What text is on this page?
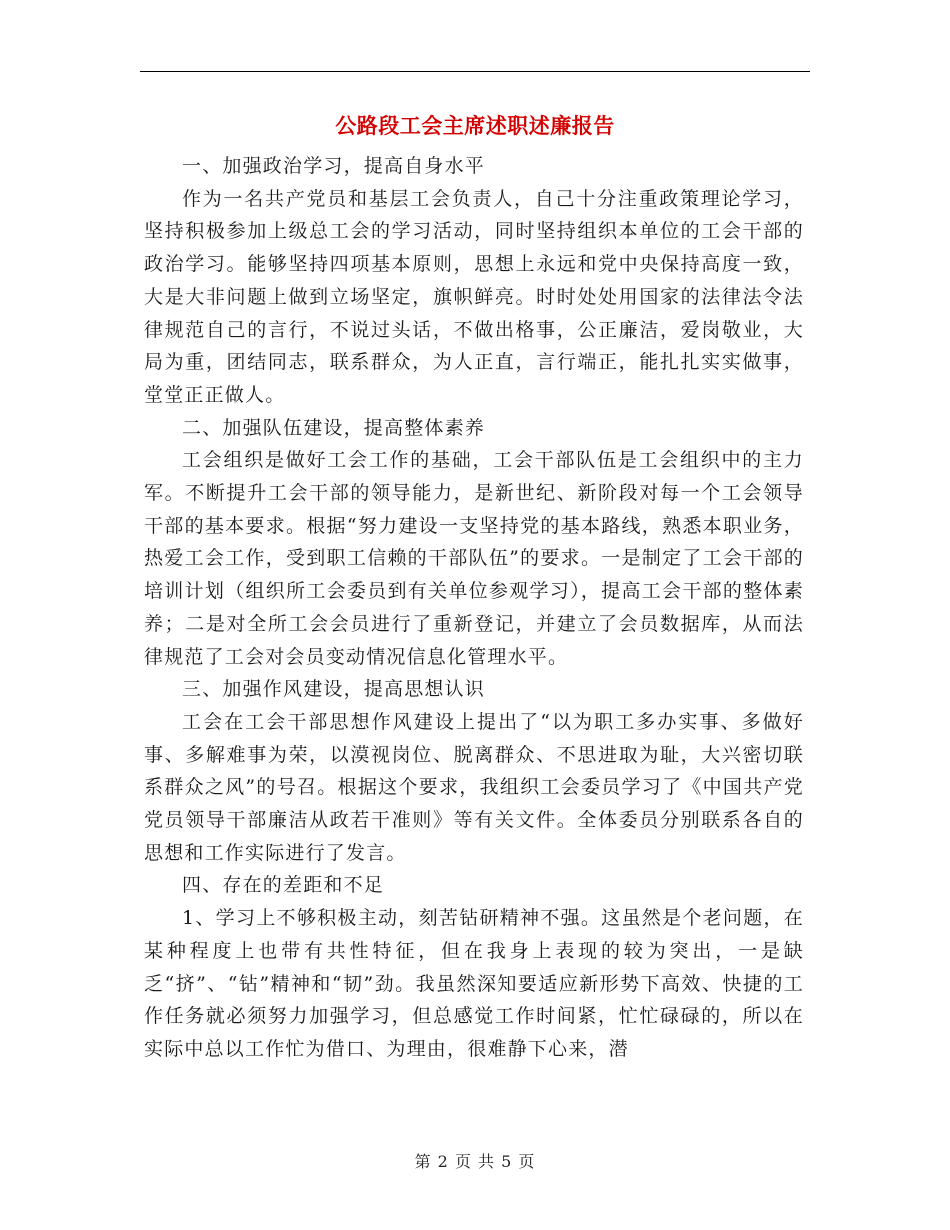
公路段工会主席述职述廉报告

一、加强政治学习，提高自身水平

作为一名共产党员和基层工会负责人，自己十分注重政策理论学习，坚持积极参加上级总工会的学习活动，同时坚持组织本单位的工会干部的政治学习。能够坚持四项基本原则，思想上永远和党中央保持高度一致，大是大非问题上做到立场坚定，旗帜鲜亮。时时处处用国家的法律法令法律规范自己的言行，不说过头话，不做出格事，公正廉洁，爱岗敬业，大局为重，团结同志，联系群众，为人正直，言行端正，能扎扎实实做事，堂堂正正做人。

二、加强队伍建设，提高整体素养

工会组织是做好工会工作的基础，工会干部队伍是工会组织中的主力军。不断提升工会干部的领导能力，是新世纪、新阶段对每一个工会领导干部的基本要求。根据“努力建设一支坚持党的基本路线，熟悉本职业务，热爱工会工作，受到职工信赖的干部队伍”的要求。一是制定了工会干部的培训计划（组织所工会委员到有关单位参观学习），提高工会干部的整体素养；二是对全所工会会员进行了重新登记，并建立了会员数据库，从而法律规范了工会对会员变动情况信息化管理水平。

三、加强作风建设，提高思想认识

工会在工会干部思想作风建设上提出了“以为职工多办实事、多做好事、多解难事为荣，以漠视岗位、脱离群众、不思进取为耻，大兴密切联系群众之风”的号召。根据这个要求，我组织工会委员学习了《中国共产党党员领导干部廉洁从政若干准则》等有关文件。全体委员分别联系各自的思想和工作实际进行了发言。

四、存在的差距和不足

1、学习上不够积极主动，刻苦钻研精神不强。这虽然是个老问题，在某种程度上也带有共性特征，但在我身上表现的较为突出，一是缺乏“挤”、“钻”精神和“韧”劲。我虽然深知要适应新形势下高效、快捷的工作任务就必须努力加强学习，但总感觉工作时间紧，忙忙碌碌的，所以在实际中总以工作忙为借口、为理由，很难静下心来，潜

第 2 页 共 5 页
